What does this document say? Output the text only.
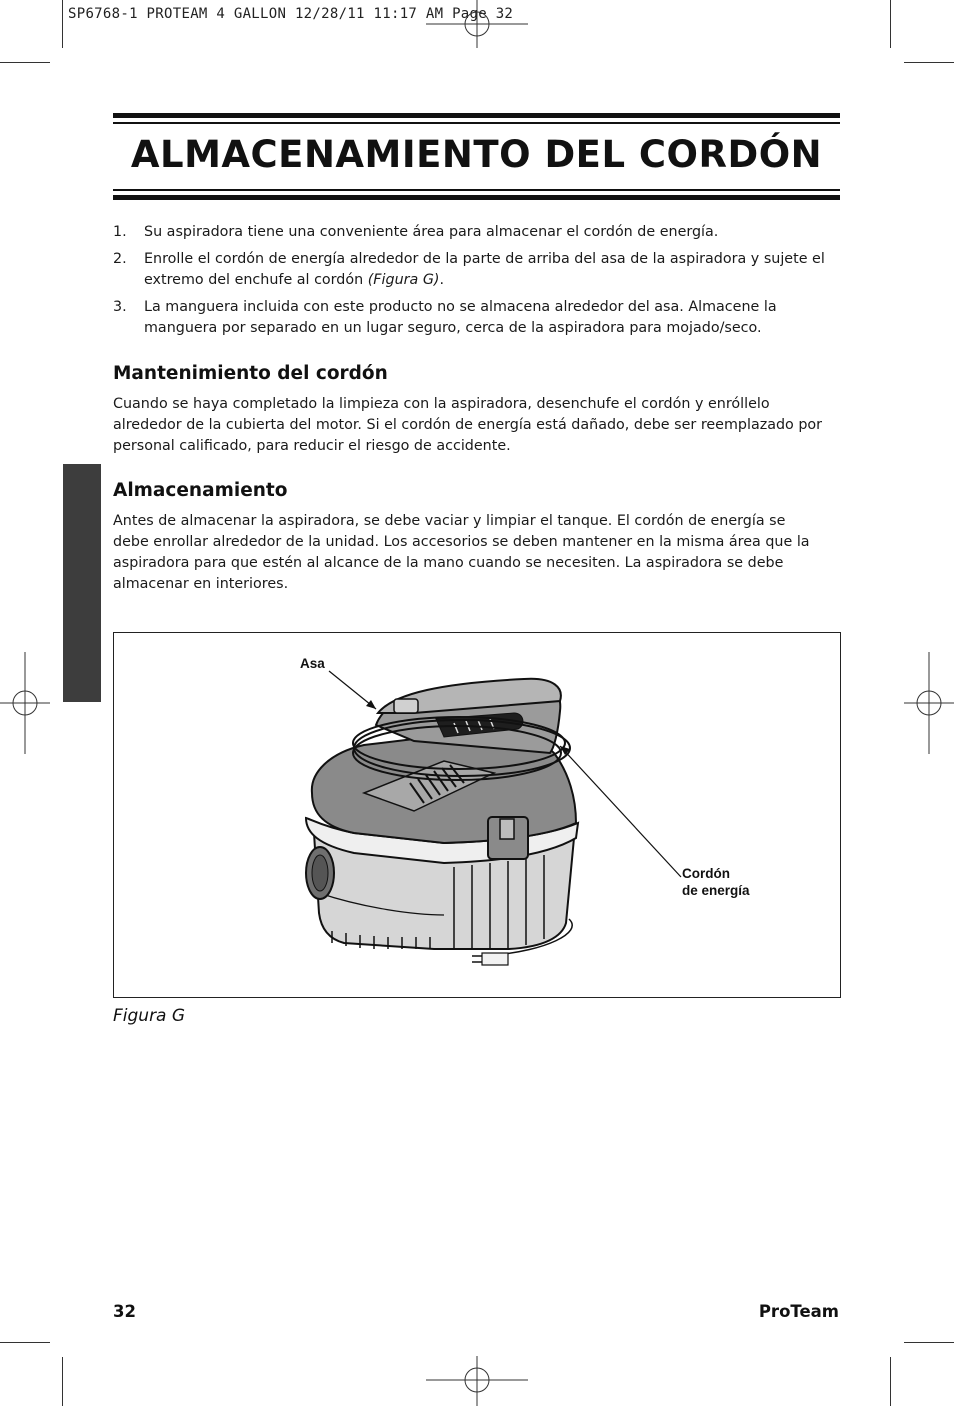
SP6768-1 PROTEAM 4 GALLON 12/28/11 11:17 AM Page 32
ALMACENAMIENTO DEL CORDÓN
1. Su aspiradora tiene una conveniente área para almacenar el cordón de energía.
2. Enrolle el cordón de energía alrededor de la parte de arriba del asa de la aspiradora y sujete el extremo del enchufe al cordón (Figura G).
3. La manguera incluida con este producto no se almacena alrededor del asa. Almacene la manguera por separado en un lugar seguro, cerca de la aspiradora para mojado/seco.
Mantenimiento del cordón
Cuando se haya completado la limpieza con la aspiradora, desenchufe el cordón y enróllelo alrededor de la cubierta del motor. Si el cordón de energía está dañado, debe ser reemplazado por personal calificado, para reducir el riesgo de accidente.
Almacenamiento
Antes de almacenar la aspiradora, se debe vaciar y limpiar el tanque. El cordón de energía se debe enrollar alrededor de la unidad. Los accesorios se deben mantener en la misma área que la aspiradora para que estén al alcance de la mano cuando se necesiten. La aspiradora se debe almacenar en interiores.
Asa
Cordón
de energía
Figura G
32	ProTeam
